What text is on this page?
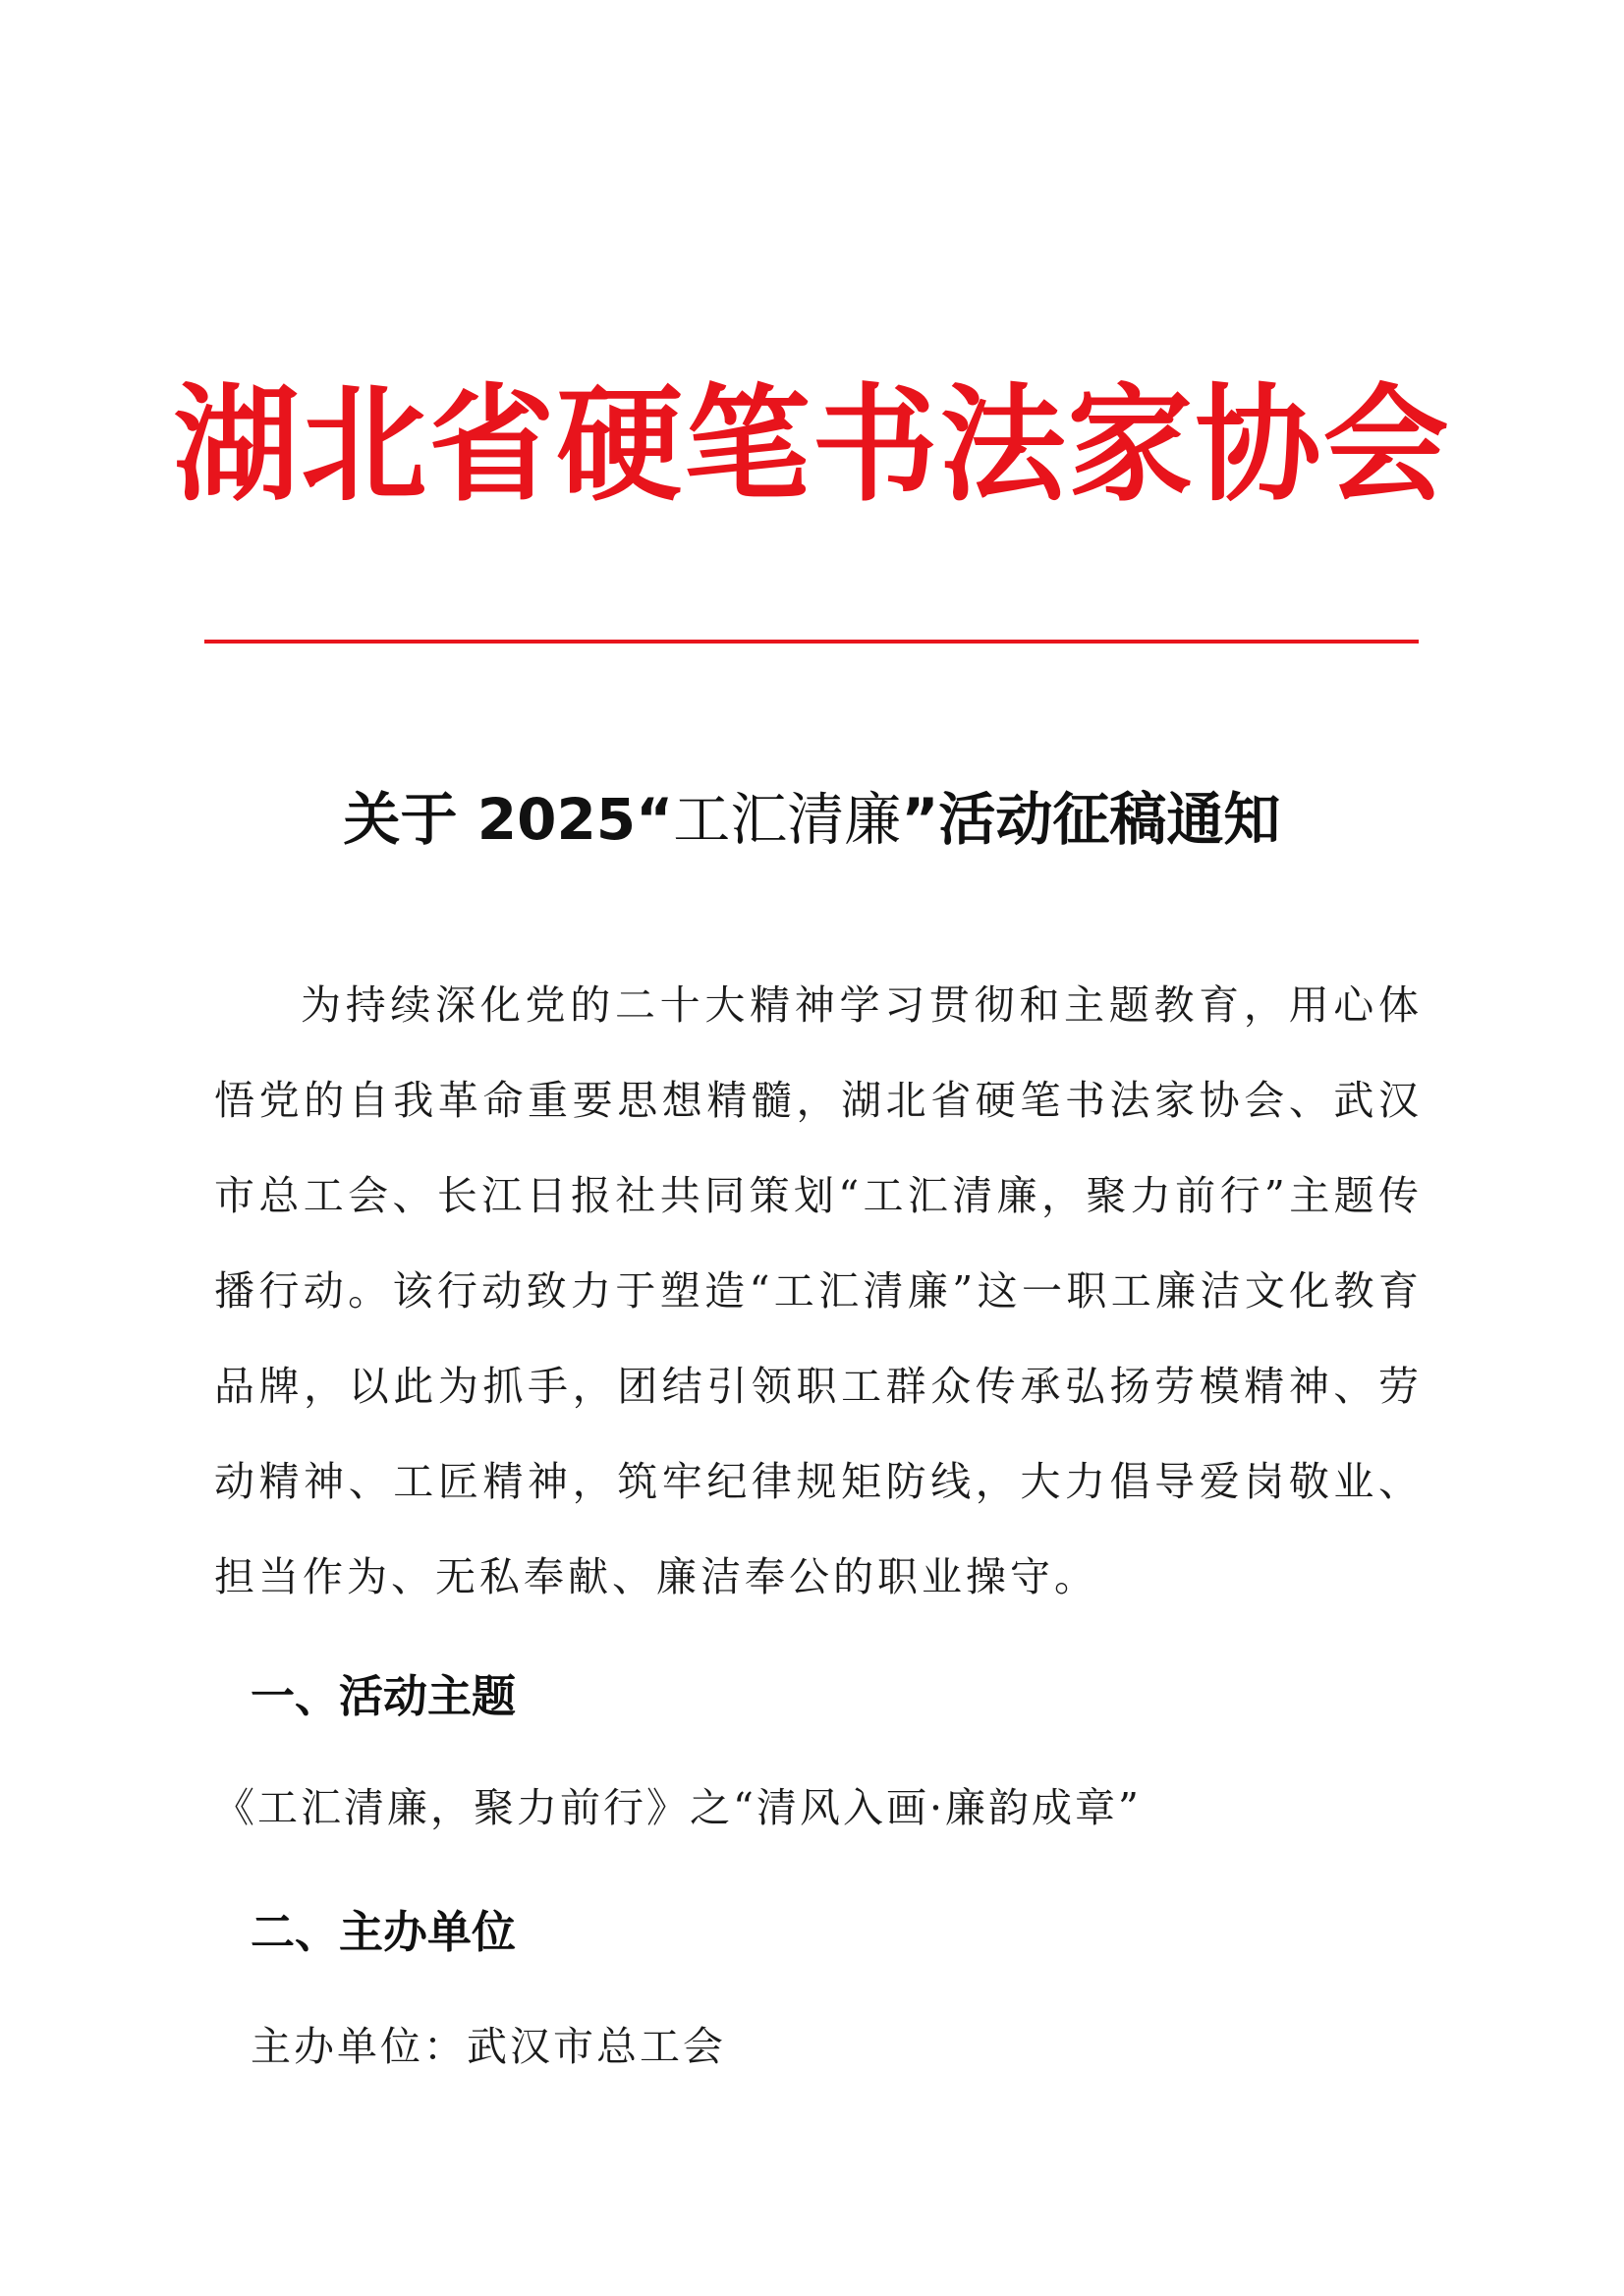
湖北省硬笔书法家协会
关于 2025“工汇清廉”活动征稿通知

为持续深化党的二十大精神学习贯彻和主题教育，用心体悟党的自我革命重要思想精髓，湖北省硬笔书法家协会、武汉市总工会、长江日报社共同策划“工汇清廉，聚力前行”主题传播行动。该行动致力于塑造“工汇清廉”这一职工廉洁文化教育品牌，以此为抓手，团结引领职工群众传承弘扬劳模精神、劳动精神、工匠精神，筑牢纪律规矩防线，大力倡导爱岗敬业、担当作为、无私奉献、廉洁奉公的职业操守。

一、活动主题

《工汇清廉，聚力前行》之“清风入画·廉韵成章”

二、主办单位

主办单位：武汉市总工会
